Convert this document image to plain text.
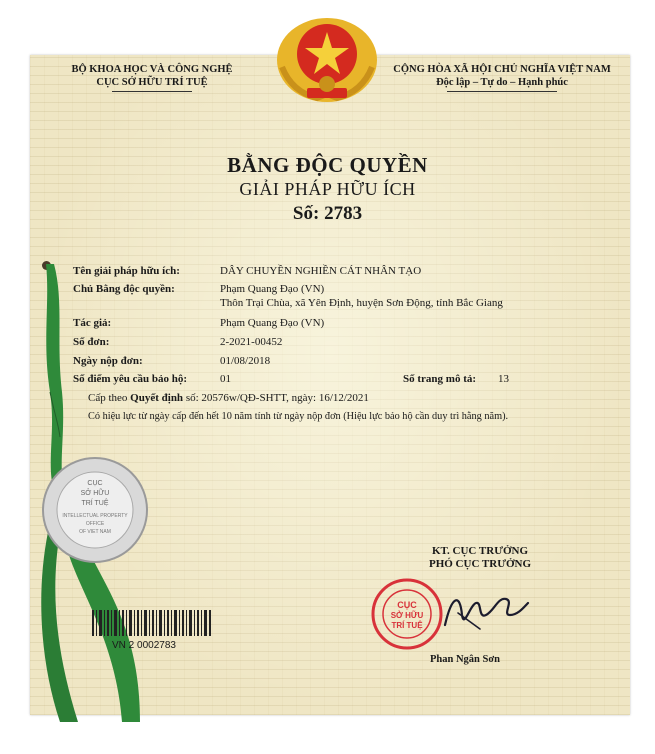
BỘ KHOA HỌC VÀ CÔNG NGHỆ
CỤC SỞ HỮU TRÍ TUỆ
CỘNG HÒA XÃ HỘI CHỦ NGHĨA VIỆT NAM
Độc lập – Tự do – Hạnh phúc
BẰNG ĐỘC QUYỀN
GIẢI PHÁP HỮU ÍCH
Số: 2783
Tên giải pháp hữu ích:	DÂY CHUYỀN NGHIỀN CÁT NHÂN TẠO
Chủ Bằng độc quyền:	Phạm Quang Đạo (VN)
Thôn Trại Chùa, xã Yên Định, huyện Sơn Động, tỉnh Bắc Giang
Tác giả:	Phạm Quang Đạo (VN)
Số đơn:	2-2021-00452
Ngày nộp đơn:	01/08/2018
Số điểm yêu cầu bảo hộ:	01	Số trang mô tả: 13
Cấp theo Quyết định số: 20576w/QĐ-SHTT, ngày: 16/12/2021
Có hiệu lực từ ngày cấp đến hết 10 năm tính từ ngày nộp đơn (Hiệu lực bảo hộ cần duy trì hằng năm).
CỤC
SỞ HỮU
TRÍ TUỆ
INTELLECTUAL PROPERTY
OFFICE
OF VIET NAM
VN 2 0002783
KT. CỤC TRƯỞNG
PHÓ CỤC TRƯỞNG
CỤC
SỞ HỮU
TRÍ TUỆ
Phan Ngân Sơn
